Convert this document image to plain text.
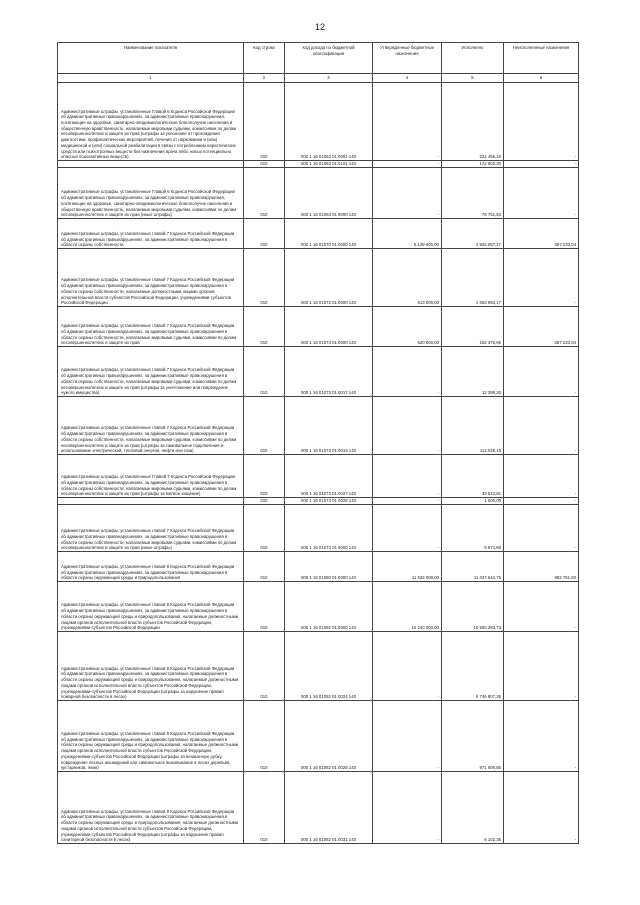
12
Наименование показателя	Код строки	Код дохода по бюджетной классификации	Утвержденные бюджетные назначения	Исполнено	Неисполненные назначения
1	2	3	4	5	6
Административные штрафы, установленные Главой 6 Кодекса Российской Федерации об административных правонарушениях, за административные правонарушения, посягающие на здоровье, санитарно-эпидемиологическое благополучие населения и общественную нравственность, налагаемые мировыми судьями, комиссиями по делам несовершеннолетних и защите их прав (штрафы за уклонение от прохождения диагностики, профилактических мероприятий, лечения от наркомании и (или) медицинской и (или) социальной реабилитации в связи с потреблением наркотических средств или психотропных веществ без назначения врача либо новых потенциально опасных психоактивных веществ)	010	000 1 16 01063 01 0091 140	-	222 456,16	-
	010	000 1 16 01063 01 0101 140	-	172 902,30	-
Административные штрафы, установленные Главой 6 Кодекса Российской Федерации об административных правонарушениях, за административные правонарушения, посягающие на здоровье, санитарно-эпидемиологическое благополучие населения и общественную нравственность, налагаемые мировыми судьями, комиссиями по делам несовершеннолетних и защите их прав (иные штрафы)	010	000 1 16 01063 01 9000 140	-	76 751,63	-
Административные штрафы, установленные главой 7 Кодекса Российской Федерации об административных правонарушениях, за административные правонарушения в области охраны собственности	010	000 1 16 01070 01 0000 140	5 139 600,00	1 925 057,17	357 233,04
Административные штрафы, установленные главой 7 Кодекса Российской Федерации об административных правонарушениях, за административные правонарушения в области охраны собственности, налагаемые должностными лицами органов исполнительной власти субъектов Российской Федерации, учреждениями субъектов Российской Федерации	010	000 1 16 01072 01 0000 140	613 000,00	1 653 993,17	-
Административные штрафы, установленные главой 7 Кодекса Российской Федерации об административных правонарушениях, за административные правонарушения в области охраны собственности, налагаемые мировыми судьями, комиссиями по делам несовершеннолетних и защите их прав	010	000 1 16 01073 01 0000 140	520 000,00	162 375,96	357 233,04
Административные штрафы, установленные главой 7 Кодекса Российской Федерации об административных правонарушениях, за административные правонарушения в области охраны собственности, налагаемые мировыми судьями, комиссиями по делам несовершеннолетних и защите их прав (штрафы за уничтожение или повреждение чужого имущества)	010	000 1 16 01073 01 0017 140	-	12 399,30	-
Административные штрафы, установленные главой 7 Кодекса Российской Федерации об административных правонарушениях, за административные правонарушения в области охраны собственности, налагаемые мировыми судьями, комиссиями по делам несовершеннолетних и защите их прав (штрафы за самовольное подключение и использование электрической, тепловой энергии, нефти или газа)	010	000 1 16 01073 01 0019 140	-	113 028,15	-
Административные штрафы, установленные Главой 7 Кодекса Российской Федерации об административных правонарушениях, за административные правонарушения в области охраны собственности, налагаемые мировыми судьями, комиссиями по делам несовершеннолетних и защите их прав (штрафы за мелкое хищение)	010	000 1 16 01073 01 0027 140	-	33 512,81	-
	010	000 1 16 01073 01 0028 140	-	1 500,00	-
Административные штрафы, установленные главой 7 Кодекса Российской Федерации об административных правонарушениях, за административные правонарушения в области охраны собственности, налагаемые мировыми судьями, комиссиями по делам несовершеннолетних и защите их прав (иные штрафы)	010	000 1 16 01073 01 9000 140	-	9 674,80	-
Административные штрафы, установленные главой 8 Кодекса Российской Федерации об административных правонарушениях, за административные правонарушения в области охраны окружающей среды и природопользования	010	000 1 16 01080 01 0000 140	11 532 000,00	11 347 644,75	982 751,60
Административные штрафы, установленные главой 8 Кодекса Российской Федерации об административных правонарушениях, за административные правонарушения в области охраны окружающей среды и природопользования, налагаемые должностными лицами органов исполнительной власти субъектов Российской Федерации, учреждениями субъектов Российской Федерации	010	000 1 16 01082 01 0000 140	10 240 000,00	10 500 283,73	-
Административные штрафы, установленные главой 8 Кодекса Российской Федерации об административных правонарушениях, за административные правонарушения в области охраны окружающей среды и природопользования, налагаемые должностными лицами органов исполнительной власти субъектов Российской Федерации, учреждениями субъектов Российской Федерации (штрафы за нарушение правил пожарной безопасности в лесах)	010	000 1 16 01082 01 0024 140	-	5 746 807,35	-
Административные штрафы, установленные главой 8 Кодекса Российской Федерации об административных правонарушениях, за административные правонарушения в области охраны окружающей среды и природопользования, налагаемые должностными лицами органов исполнительной власти субъектов Российской Федерации, учреждениями субъектов Российской Федерации (штрафы за незаконную рубку, повреждение лесных насаждений или самовольное выкапывание в лесах деревьев, кустарников, лиан)	010	000 1 16 01082 01 0028 140	-	971 606,80	-
Административные штрафы, установленные главой 8 Кодекса Российской Федерации об административных правонарушениях, за административные правонарушения в области охраны окружающей среды и природопользования, налагаемые должностными лицами органов исполнительной власти субъектов Российской Федерации, учреждениями субъектов Российской Федерации (штрафы за нарушение правил санитарной безопасности в лесах)	010	000 1 16 01082 01 0031 140	-	6 102,36	-
